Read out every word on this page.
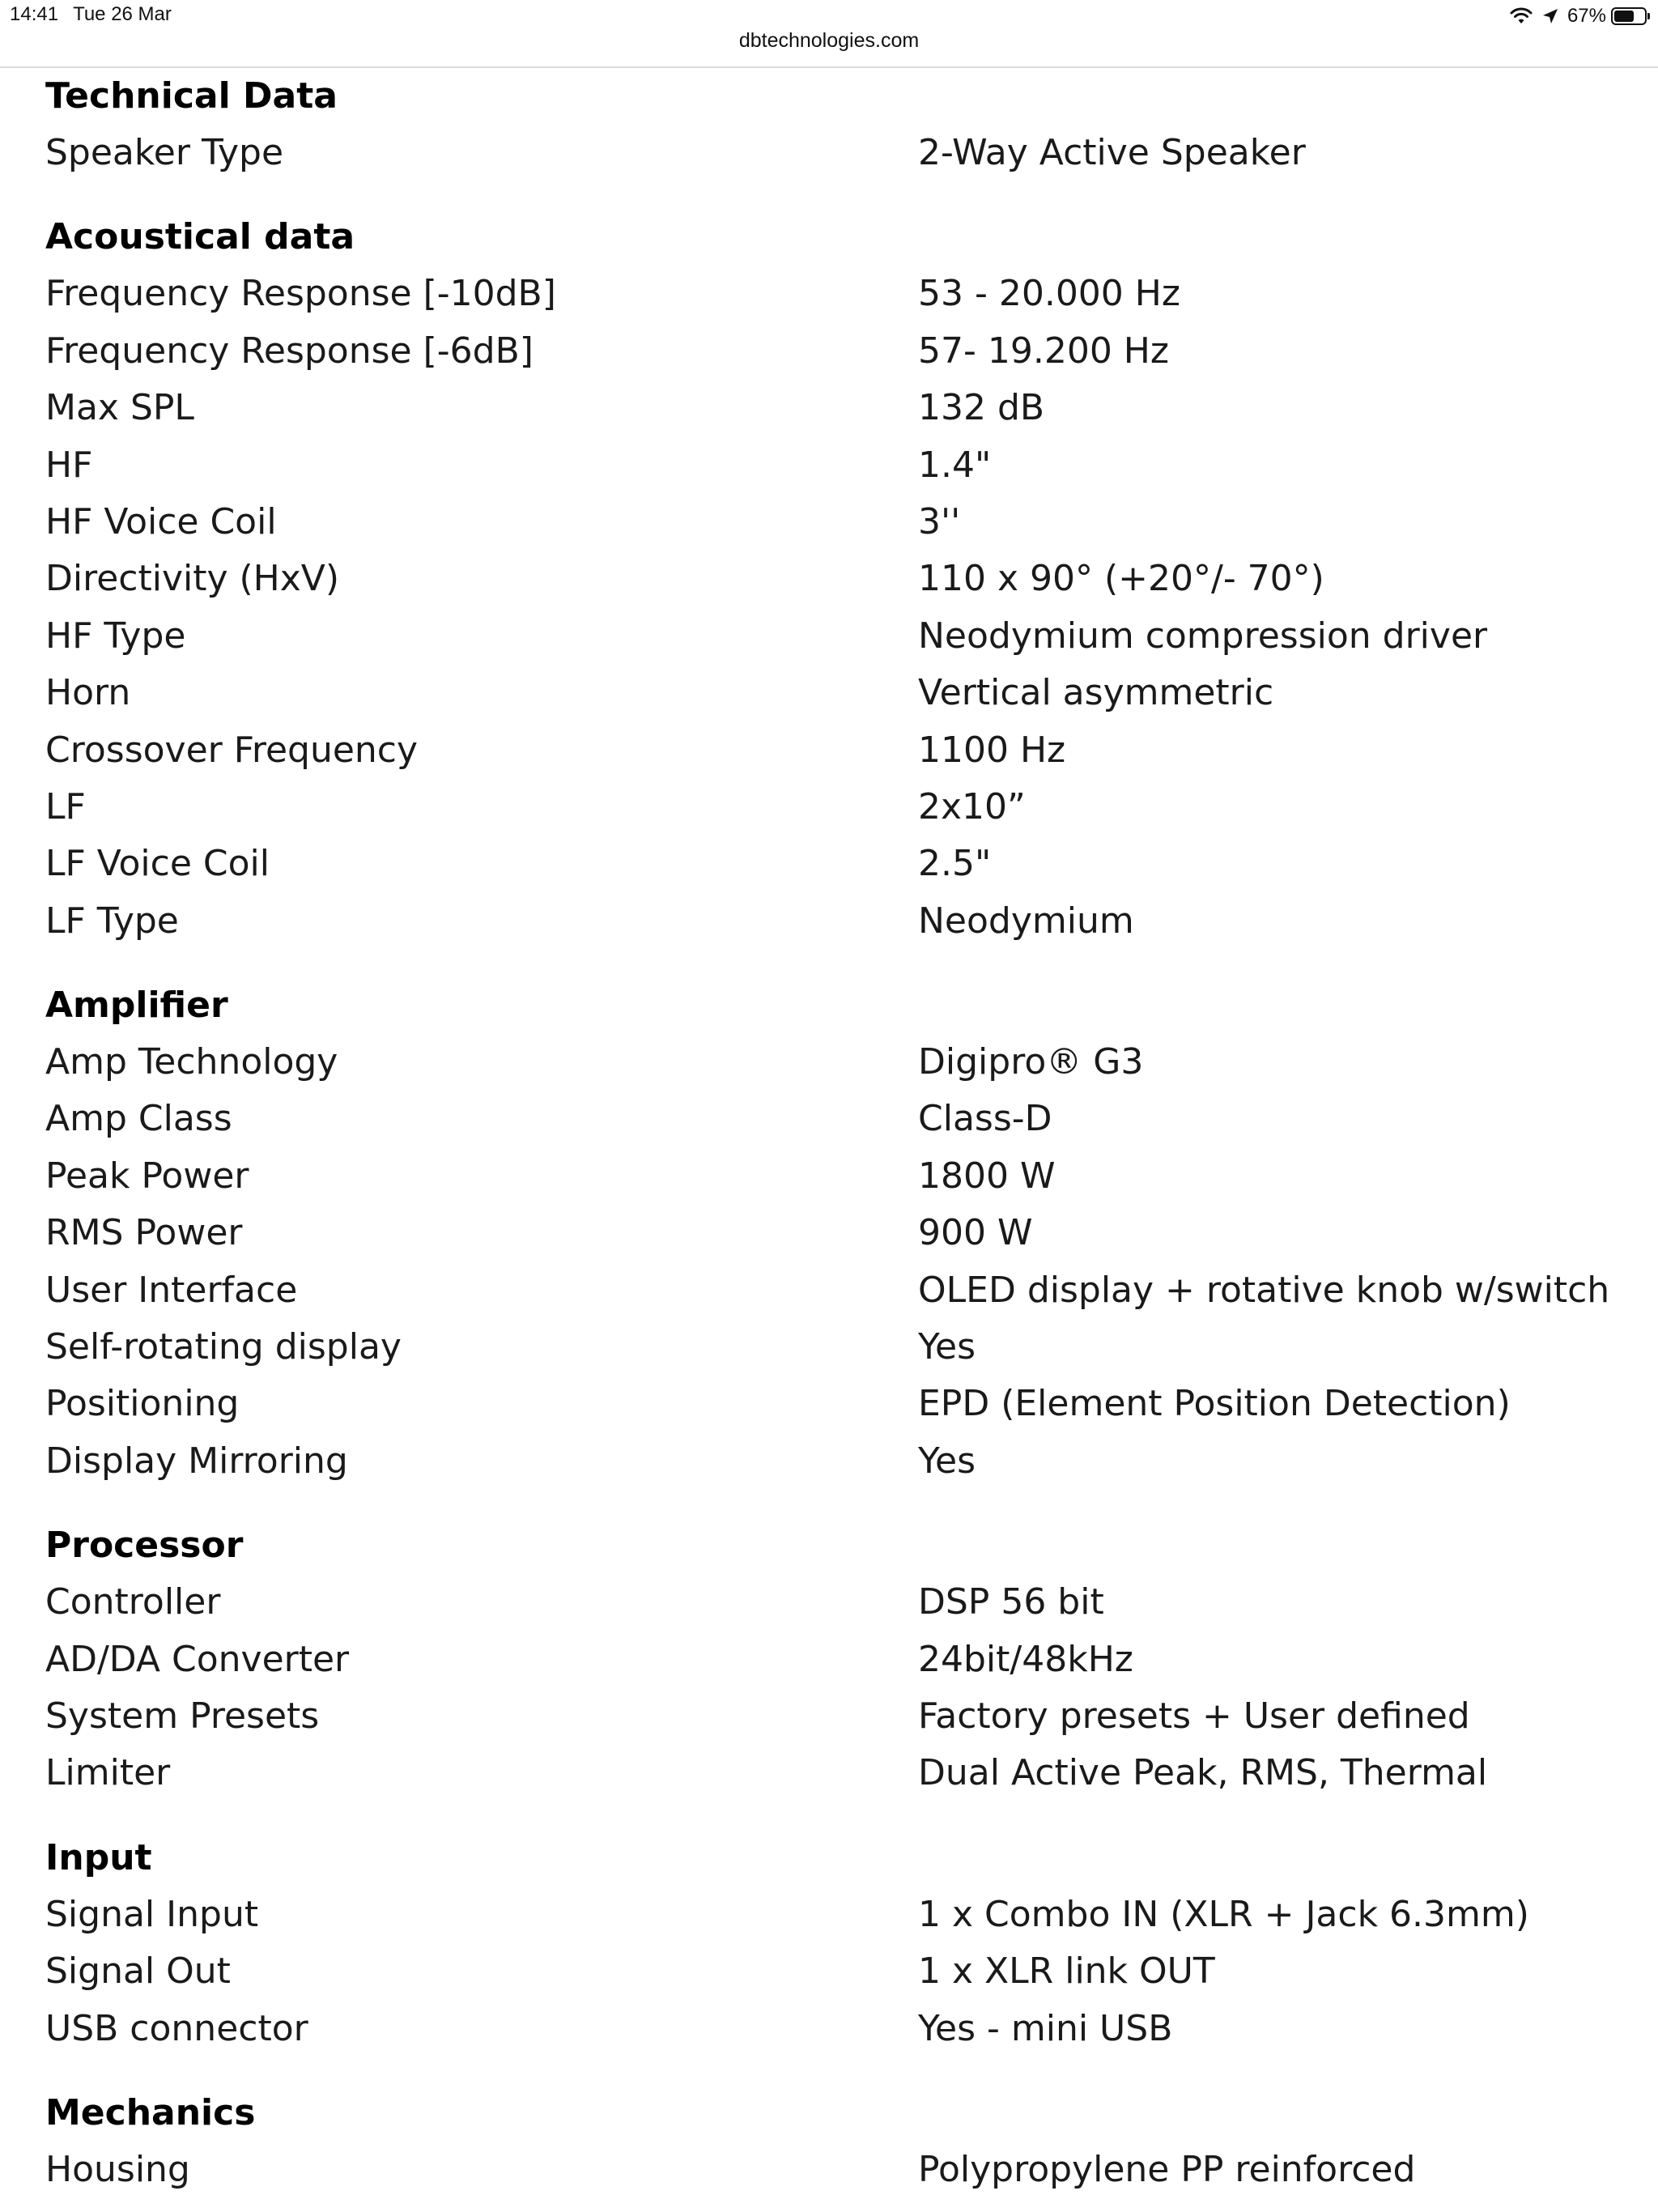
14:41 Tue 26 Mar	67%
dbtechnologies.com
Technical Data
Speaker Type	2-Way Active Speaker
Acoustical data
Frequency Response [-10dB]	53 - 20.000 Hz
Frequency Response [-6dB]	57- 19.200 Hz
Max SPL	132 dB
HF	1.4"
HF Voice Coil	3''
Directivity (HxV)	110 x 90° (+20°/- 70°)
HF Type	Neodymium compression driver
Horn	Vertical asymmetric
Crossover Frequency	1100 Hz
LF	2x10”
LF Voice Coil	2.5"
LF Type	Neodymium
Amplifier
Amp Technology	Digipro® G3
Amp Class	Class-D
Peak Power	1800 W
RMS Power	900 W
User Interface	OLED display + rotative knob w/switch
Self-rotating display	Yes
Positioning	EPD (Element Position Detection)
Display Mirroring	Yes
Processor
Controller	DSP 56 bit
AD/DA Converter	24bit/48kHz
System Presets	Factory presets + User defined
Limiter	Dual Active Peak, RMS, Thermal
Input
Signal Input	1 x Combo IN (XLR + Jack 6.3mm)
Signal Out	1 x XLR link OUT
USB connector	Yes - mini USB
Mechanics
Housing	Polypropylene PP reinforced
